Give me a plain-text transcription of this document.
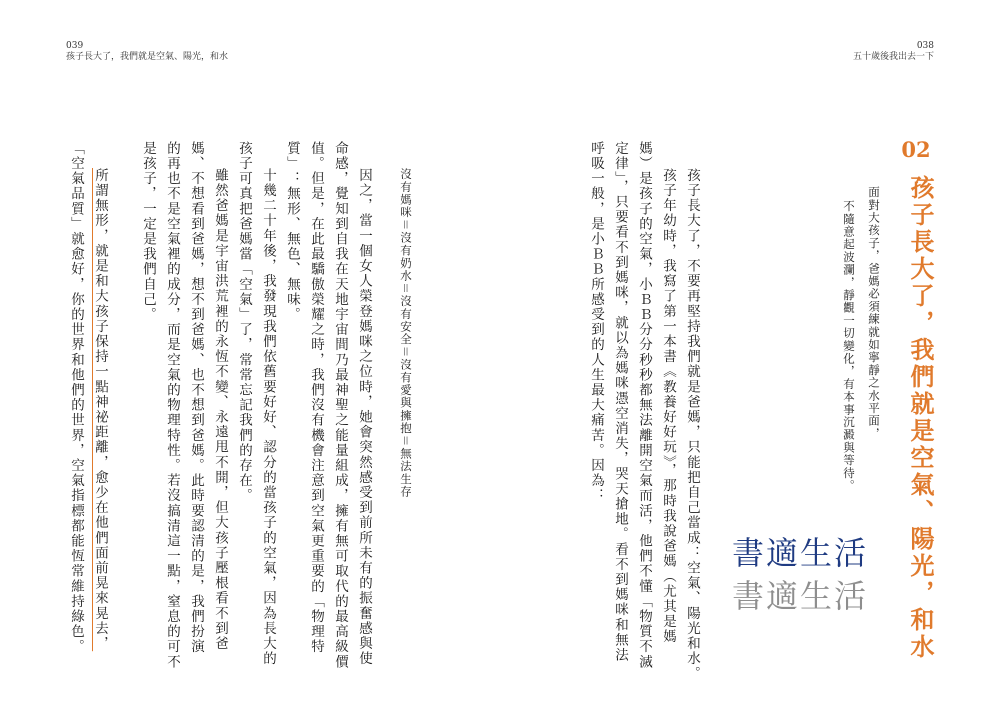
039
孩子長大了，我們就是空氣、陽光，和水
038
五十歲後我出去一下
02
孩子長大了，我們就是空氣、陽光，和水
面對大孩子，爸媽必須練就如寧靜之水平面，
不隨意起波瀾，靜觀一切變化，有本事沉澱與等待。
孩子長大了，不要再堅持我們就是爸媽，只能把自己當成：空氣、陽光和水。
孩子年幼時，我寫了第一本書《教養好好玩》，那時我說爸媽（尤其是媽
媽）是孩子的空氣，小ＢＢ分分秒秒都無法離開空氣而活，他們不懂「物質不滅
定律」，只要看不到媽咪，就以為媽咪憑空消失，哭天搶地。看不到媽咪和無法
呼吸一般，是小ＢＢ所感受到的人生最大痛苦。因為：
書適生活
書適生活
沒有媽咪＝沒有奶水＝沒有安全＝沒有愛與擁抱＝無法生存
因之，當一個女人榮登媽咪之位時，她會突然感受到前所未有的振奮感與使
命感，覺知到自我在天地宇宙間乃最神聖之能量組成，擁有無可取代的最高級價
值。但是，在此最驕傲榮耀之時，我們沒有機會注意到空氣更重要的「物理特
質」：無形、無色、無味。
十幾二十年後，我發現我們依舊要好好、認分的當孩子的空氣，因為長大的
孩子可真把爸媽當「空氣」了，常常忘記我們的存在。
雖然爸媽是宇宙洪荒裡的永恆不變、永遠甩不開，但大孩子壓根看不到爸
媽、不想看到爸媽，想不到爸媽、也不想到爸媽。此時要認清的是，我們扮演
的再也不是空氣裡的成分，而是空氣的物理特性。若沒搞清這一點，窒息的可不
是孩子，一定是我們自己。
所謂無形，就是和大孩子保持一點神祕距離，愈少在他們面前晃來晃去，
「空氣品質」就愈好，你的世界和他們的世界，空氣指標都能恆常維持綠色。
